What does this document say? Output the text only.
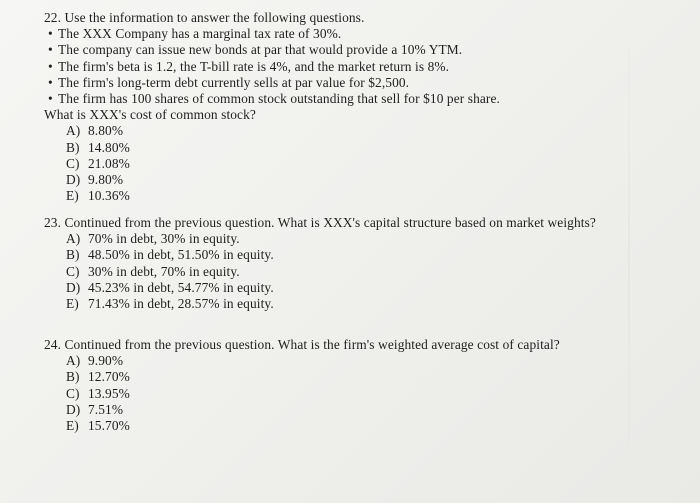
22. Use the information to answer the following questions.
• The XXX Company has a marginal tax rate of 30%.
• The company can issue new bonds at par that would provide a 10% YTM.
• The firm's beta is 1.2, the T-bill rate is 4%, and the market return is 8%.
• The firm's long-term debt currently sells at par value for $2,500.
• The firm has 100 shares of common stock outstanding that sell for $10 per share.
What is XXX's cost of common stock?
A) 8.80%
B) 14.80%
C) 21.08%
D) 9.80%
E) 10.36%
23. Continued from the previous question. What is XXX's capital structure based on market weights?
A) 70% in debt, 30% in equity.
B) 48.50% in debt, 51.50% in equity.
C) 30% in debt, 70% in equity.
D) 45.23% in debt, 54.77% in equity.
E) 71.43% in debt, 28.57% in equity.
24. Continued from the previous question. What is the firm's weighted average cost of capital?
A) 9.90%
B) 12.70%
C) 13.95%
D) 7.51%
E) 15.70%
